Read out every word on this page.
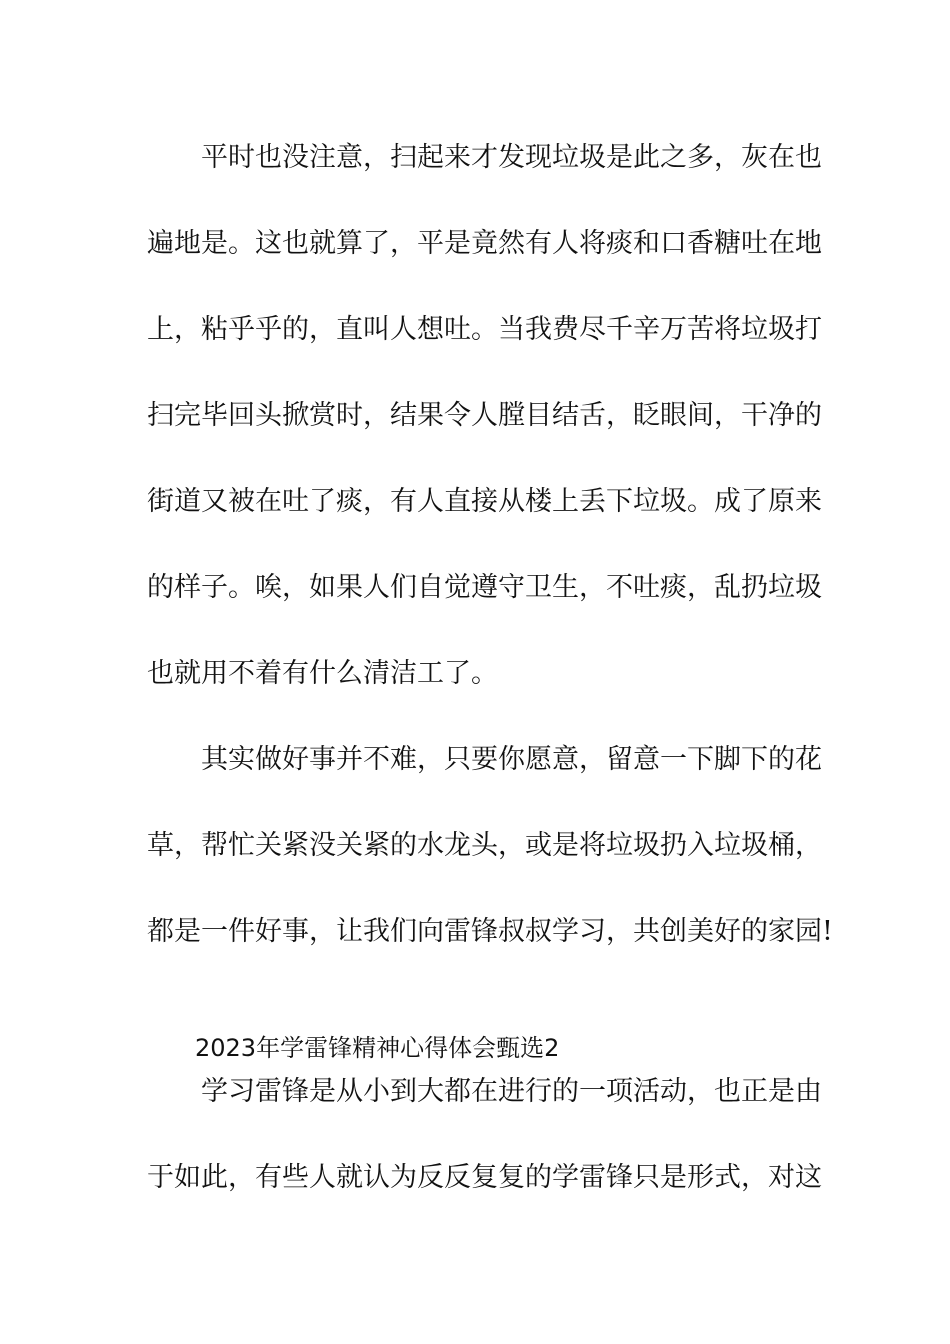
平时也没注意，扫起来才发现垃圾是此之多，灰在也
遍地是。这也就算了，平是竟然有人将痰和口香糖吐在地
上，粘乎乎的，直叫人想吐。当我费尽千辛万苦将垃圾打
扫完毕回头掀赏时，结果令人膛目结舌，眨眼间，干净的
街道又被在吐了痰，有人直接从楼上丢下垃圾。成了原来
的样子。唉，如果人们自觉遵守卫生，不吐痰，乱扔垃圾
也就用不着有什么清洁工了。
其实做好事并不难，只要你愿意，留意一下脚下的花
草，帮忙关紧没关紧的水龙头，或是将垃圾扔入垃圾桶，
都是一件好事，让我们向雷锋叔叔学习，共创美好的家园!
2023年学雷锋精神心得体会甄选2
学习雷锋是从小到大都在进行的一项活动，也正是由
于如此，有些人就认为反反复复的学雷锋只是形式，对这
